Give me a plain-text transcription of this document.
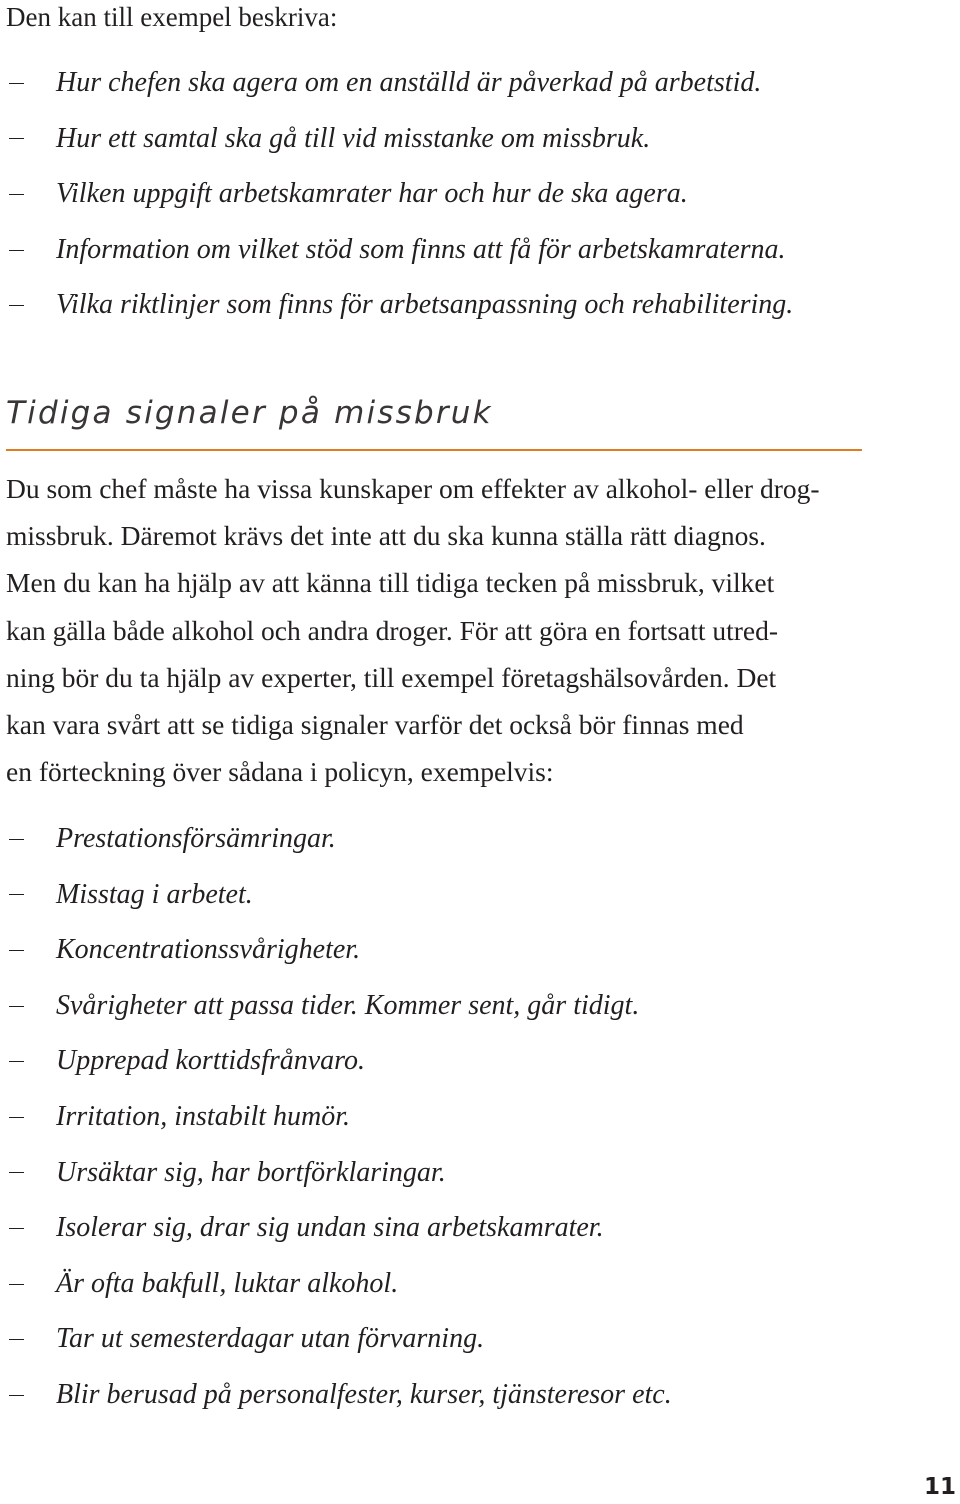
Den kan till exempel beskriva:
Hur chefen ska agera om en anställd är påverkad på arbetstid.
Hur ett samtal ska gå till vid misstanke om missbruk.
Vilken uppgift arbetskamrater har och hur de ska agera.
Information om vilket stöd som finns att få för arbetskamraterna.
Vilka riktlinjer som finns för arbetsanpassning och rehabilitering.
Tidiga signaler på missbruk
Du som chef måste ha vissa kunskaper om effekter av alkohol- eller drog-
missbruk. Däremot krävs det inte att du ska kunna ställa rätt diagnos.
Men du kan ha hjälp av att känna till tidiga tecken på missbruk, vilket
kan gälla både alkohol och andra droger. För att göra en fortsatt utred-
ning bör du ta hjälp av experter, till exempel företagshälsovården. Det
kan vara svårt att se tidiga signaler varför det också bör finnas med
en förteckning över sådana i policyn, exempelvis:
Prestationsförsämringar.
Misstag i arbetet.
Koncentrationssvårigheter.
Svårigheter att passa tider. Kommer sent, går tidigt.
Upprepad korttidsfrånvaro.
Irritation, instabilt humör.
Ursäktar sig, har bortförklaringar.
Isolerar sig, drar sig undan sina arbetskamrater.
Är ofta bakfull, luktar alkohol.
Tar ut semesterdagar utan förvarning.
Blir berusad på personalfester, kurser, tjänsteresor etc.
11
